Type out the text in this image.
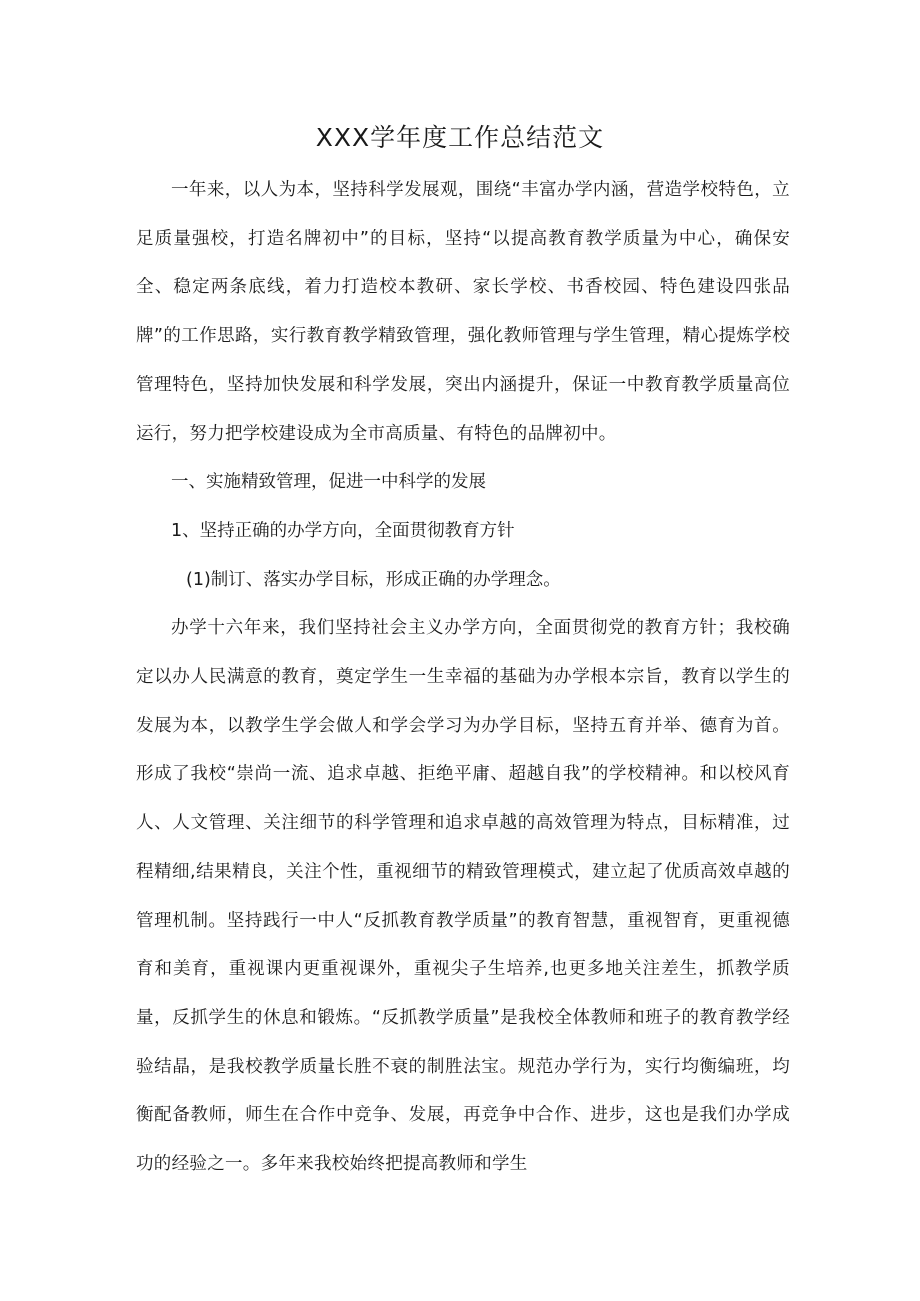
XXX学年度工作总结范文

一年来，以人为本，坚持科学发展观，围绕“丰富办学内涵，营造学校特色，立足质量强校，打造名牌初中”的目标，坚持“以提高教育教学质量为中心，确保安全、稳定两条底线，着力打造校本教研、家长学校、书香校园、特色建设四张品牌”的工作思路，实行教育教学精致管理，强化教师管理与学生管理，精心提炼学校管理特色，坚持加快发展和科学发展，突出内涵提升，保证一中教育教学质量高位运行，努力把学校建设成为全市高质量、有特色的品牌初中。

一、实施精致管理，促进一中科学的发展

1、坚持正确的办学方向，全面贯彻教育方针

(1)制订、落实办学目标，形成正确的办学理念。

办学十六年来，我们坚持社会主义办学方向，全面贯彻党的教育方针；我校确定以办人民满意的教育，奠定学生一生幸福的基础为办学根本宗旨，教育以学生的发展为本，以教学生学会做人和学会学习为办学目标，坚持五育并举、德育为首。形成了我校“崇尚一流、追求卓越、拒绝平庸、超越自我”的学校精神。和以校风育人、人文管理、关注细节的科学管理和追求卓越的高效管理为特点，目标精准，过程精细,结果精良，关注个性，重视细节的精致管理模式，建立起了优质高效卓越的管理机制。坚持践行一中人“反抓教育教学质量”的教育智慧，重视智育，更重视德育和美育，重视课内更重视课外，重视尖子生培养,也更多地关注差生，抓教学质量，反抓学生的休息和锻炼。“反抓教学质量”是我校全体教师和班子的教育教学经验结晶，是我校教学质量长胜不衰的制胜法宝。规范办学行为，实行均衡编班，均衡配备教师，师生在合作中竞争、发展，再竞争中合作、进步，这也是我们办学成功的经验之一。多年来我校始终把提高教师和学生
